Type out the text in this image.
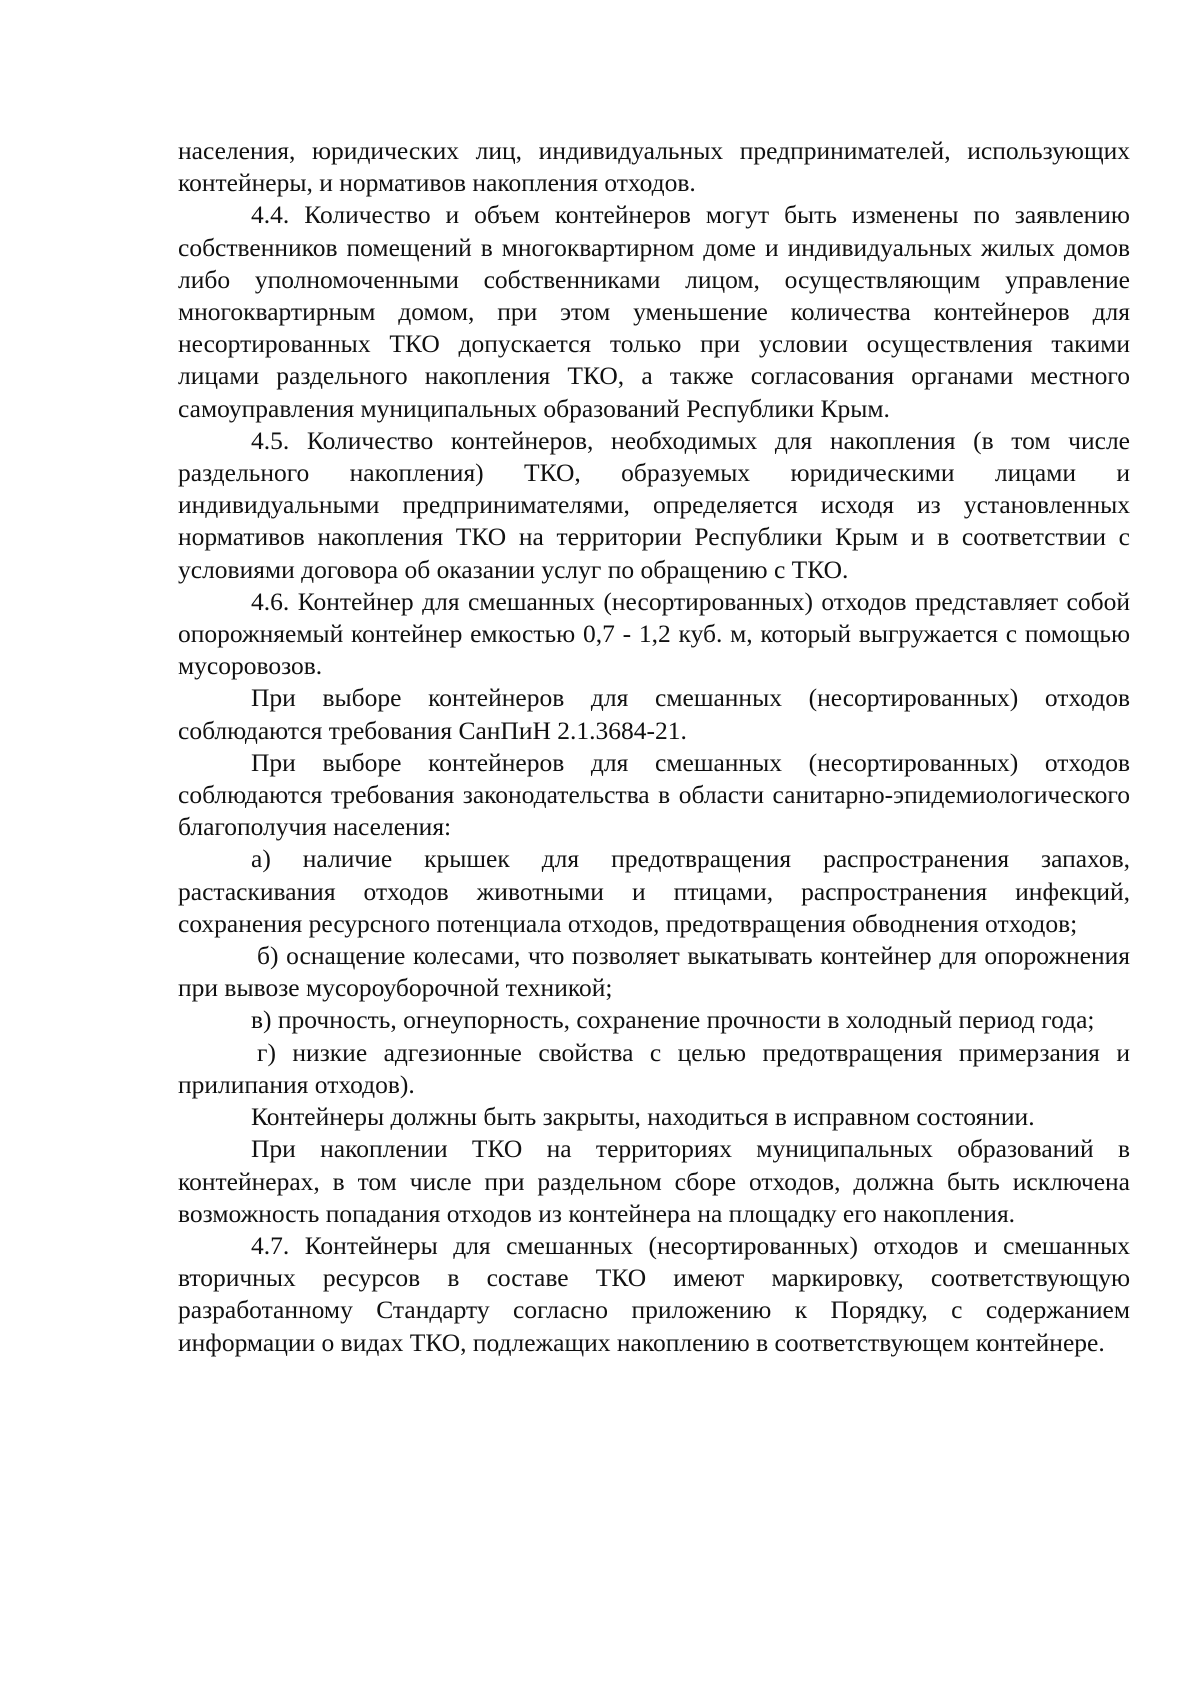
населения, юридических лиц, индивидуальных предпринимателей, использующих контейнеры, и нормативов накопления отходов.

4.4. Количество и объем контейнеров могут быть изменены по заявлению собственников помещений в многоквартирном доме и индивидуальных жилых домов либо уполномоченными собственниками лицом, осуществляющим управление многоквартирным домом, при этом уменьшение количества контейнеров для несортированных ТКО допускается только при условии осуществления такими лицами раздельного накопления ТКО, а также согласования органами местного самоуправления муниципальных образований Республики Крым.

4.5. Количество контейнеров, необходимых для накопления (в том числе раздельного накопления) ТКО, образуемых юридическими лицами и индивидуальными предпринимателями, определяется исходя из установленных нормативов накопления ТКО на территории Республики Крым и в соответствии с условиями договора об оказании услуг по обращению с ТКО.

4.6. Контейнер для смешанных (несортированных) отходов представляет собой опорожняемый контейнер емкостью 0,7 - 1,2 куб. м, который выгружается с помощью мусоровозов.

При выборе контейнеров для смешанных (несортированных) отходов соблюдаются требования СанПиН 2.1.3684-21.

При выборе контейнеров для смешанных (несортированных) отходов соблюдаются требования законодательства в области санитарно-эпидемиологического благополучия населения:

а) наличие крышек для предотвращения распространения запахов, растаскивания отходов животными и птицами, распространения инфекций, сохранения ресурсного потенциала отходов, предотвращения обводнения отходов;

б) оснащение колесами, что позволяет выкатывать контейнер для опорожнения при вывозе мусороуборочной техникой;

в) прочность, огнеупорность, сохранение прочности в холодный период года;

г) низкие адгезионные свойства с целью предотвращения примерзания и прилипания отходов).

Контейнеры должны быть закрыты, находиться в исправном состоянии.

При накоплении ТКО на территориях муниципальных образований в контейнерах, в том числе при раздельном сборе отходов, должна быть исключена возможность попадания отходов из контейнера на площадку его накопления.

4.7. Контейнеры для смешанных (несортированных) отходов и смешанных вторичных ресурсов в составе ТКО имеют маркировку, соответствующую разработанному Стандарту согласно приложению к Порядку, с содержанием информации о видах ТКО, подлежащих накоплению в соответствующем контейнере.
